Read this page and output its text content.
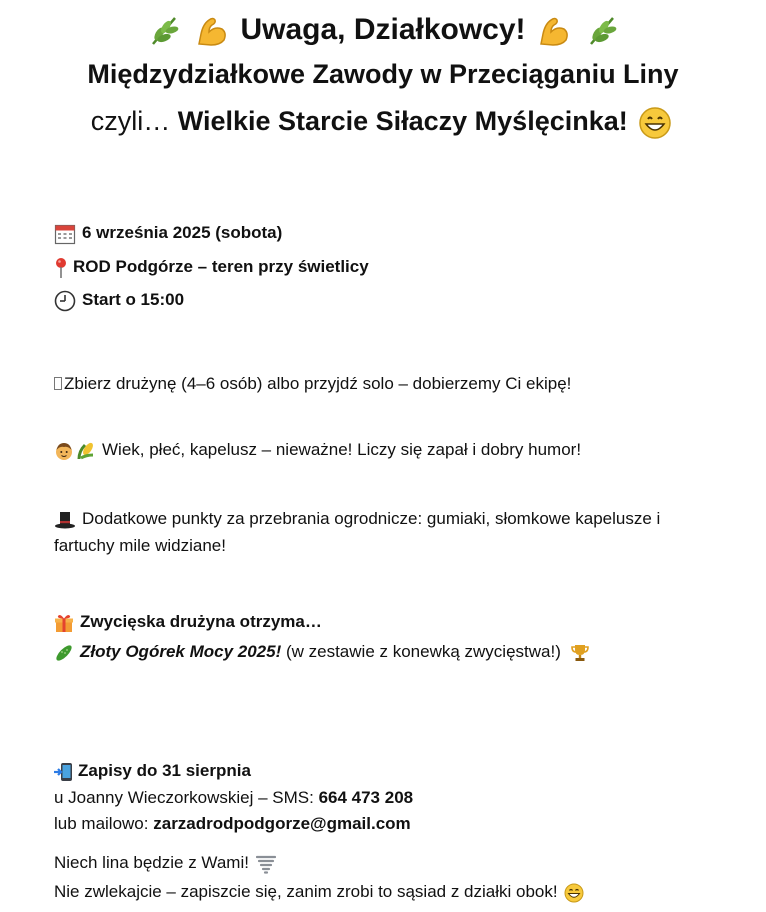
Uwaga, Działkowcy!

Międzydziałkowe Zawody w Przeciąganiu Liny
czyli… Wielkie Starcie Siłaczy Myślęcinka!
6 września 2025 (sobota)
ROD Podgórze – teren przy świetlicy
Start o 15:00
Zbierz drużynę (4–6 osób) albo przyjdź solo – dobierzemy Ci ekipę!
Wiek, płeć, kapelusz – nieważne! Liczy się zapał i dobry humor!
Dodatkowe punkty za przebrania ogrodnicze: gumiaki, słomkowe kapelusze i fartuchy mile widziane!
Zwycięska drużyna otrzyma…
Złoty Ogórek Mocy 2025! (w zestawie z konewką zwycięstwa!)
Zapisy do 31 sierpnia
u Joanny Wieczorkowskiej – SMS: 664 473 208
lub mailowo: zarzadrodpodgorze@gmail.com
Niech lina będzie z Wami!
Nie zwlekajcie – zapiszcie się, zanim zrobi to sąsiad z działki obok!
